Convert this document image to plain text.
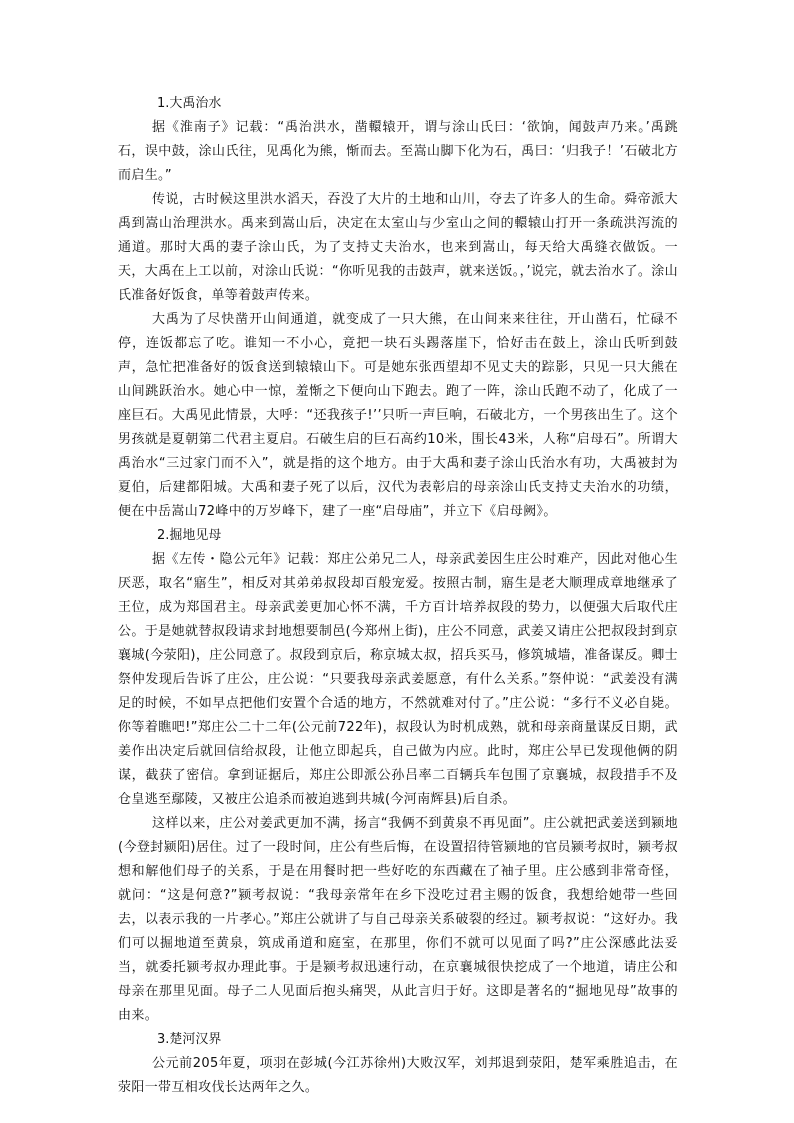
1.大禹治水

据《淮南子》记载：“禹治洪水，凿轘辕开，谓与涂山氏曰：‘欲饷，闻鼓声乃来。’禹跳石，误中鼓，涂山氏往，见禹化为熊，惭而去。至嵩山脚下化为石，禹曰：‘归我子！’石破北方而启生。”

传说，古时候这里洪水滔天，吞没了大片的土地和山川，夺去了许多人的生命。舜帝派大禹到嵩山治理洪水。禹来到嵩山后，决定在太室山与少室山之间的轘辕山打开一条疏洪泻流的通道。那时大禹的妻子涂山氏，为了支持丈夫治水，也来到嵩山，每天给大禹缝衣做饭。一天，大禹在上工以前，对涂山氏说：“你听见我的击鼓声，就来送饭。，’说完，就去治水了。涂山氏准备好饭食，单等着鼓声传来。

大禹为了尽快凿开山间通道，就变成了一只大熊，在山间来来往往，开山凿石，忙碌不停，连饭都忘了吃。谁知一不小心，竟把一块石头踢落崖下，恰好击在鼓上，涂山氏听到鼓声，急忙把准备好的饭食送到辕辕山下。可是她东张西望却不见丈夫的踪影，只见一只大熊在山间跳跃治水。她心中一惊，羞惭之下便向山下跑去。跑了一阵，涂山氏跑不动了，化成了一座巨石。大禹见此情景，大呼：“还我孩子!’’只听一声巨响，石破北方，一个男孩出生了。这个男孩就是夏朝第二代君主夏启。石破生启的巨石高约10米，围长43米，人称“启母石”。所谓大禹治水“三过家门而不入”，就是指的这个地方。由于大禹和妻子涂山氏治水有功，大禹被封为夏伯，后建都阳城。大禹和妻子死了以后，汉代为表彰启的母亲涂山氏支持丈夫治水的功绩，便在中岳嵩山72峰中的万岁峰下，建了一座“启母庙”，并立下《启母阙》。

2.掘地见母

据《左传・隐公元年》记载：郑庄公弟兄二人，母亲武姜因生庄公时难产，因此对他心生厌恶，取名“寤生”，相反对其弟弟叔段却百般宠爱。按照古制，寤生是老大顺理成章地继承了王位，成为郑国君主。母亲武姜更加心怀不满，千方百计培养叔段的势力，以便强大后取代庄公。于是她就替叔段请求封地想要制邑(今郑州上街)，庄公不同意，武姜又请庄公把叔段封到京襄城(今荥阳)，庄公同意了。叔段到京后，称京城太叔，招兵买马，修筑城墙，准备谋反。卿士祭仲发现后告诉了庄公，庄公说：“只要我母亲武姜愿意，有什么关系。”祭仲说：“武姜没有满足的时候，不如早点把他们安置个合适的地方，不然就难对付了。”庄公说：“多行不义必自毙。你等着瞧吧!”郑庄公二十二年(公元前722年)，叔段认为时机成熟，就和母亲商量谋反日期，武姜作出决定后就回信给叔段，让他立即起兵，自己做为内应。此时，郑庄公早已发现他俩的阴谋，截获了密信。拿到证据后，郑庄公即派公孙吕率二百辆兵车包围了京襄城，叔段措手不及仓皇逃至鄢陵，又被庄公追杀而被迫逃到共城(今河南辉县)后自杀。

这样以来，庄公对姜武更加不满，扬言“我俩不到黄泉不再见面”。庄公就把武姜送到颍地(今登封颍阳)居住。过了一段时间，庄公有些后悔，在设置招待管颍地的官员颍考叔时，颍考叔想和解他们母子的关系，于是在用餐时把一些好吃的东西藏在了袖子里。庄公感到非常奇怪，就问：“这是何意?”颍考叔说：“我母亲常年在乡下没吃过君主赐的饭食，我想给她带一些回去，以表示我的一片孝心。”郑庄公就讲了与自己母亲关系破裂的经过。颍考叔说：“这好办。我们可以掘地道至黄泉，筑成甬道和庭室，在那里，你们不就可以见面了吗?”庄公深感此法妥当，就委托颍考叔办理此事。于是颍考叔迅速行动，在京襄城很快挖成了一个地道，请庄公和母亲在那里见面。母子二人见面后抱头痛哭，从此言归于好。这即是著名的“掘地见母”故事的由来。

3.楚河汉界

公元前205年夏，项羽在彭城(今江苏徐州)大败汉军，刘邦退到荥阳，楚军乘胜追击，在荥阳一带互相攻伐长达两年之久。
